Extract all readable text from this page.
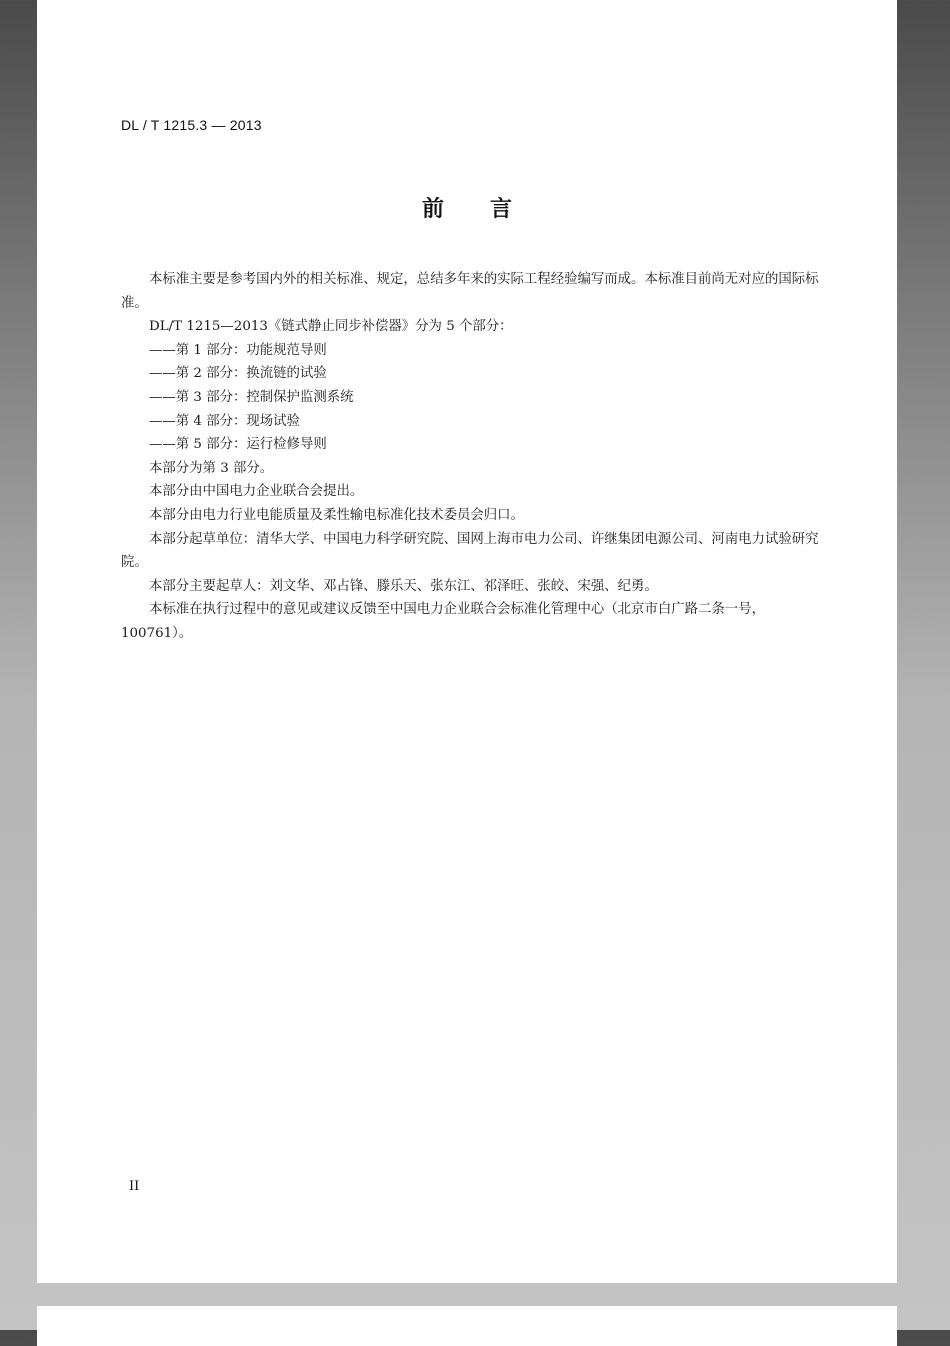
DL / T 1215.3 — 2013
前言

本标准主要是参考国内外的相关标准、规定，总结多年来的实际工程经验编写而成。本标准目前尚无对应的国际标准。

DL/T 1215—2013《链式静止同步补偿器》分为 5 个部分：

——第 1 部分：功能规范导则

——第 2 部分：换流链的试验

——第 3 部分：控制保护监测系统

——第 4 部分：现场试验

——第 5 部分：运行检修导则

本部分为第 3 部分。

本部分由中国电力企业联合会提出。

本部分由电力行业电能质量及柔性输电标准化技术委员会归口。

本部分起草单位：清华大学、中国电力科学研究院、国网上海市电力公司、许继集团电源公司、河南电力试验研究院。

本部分主要起草人：刘文华、邓占锋、滕乐天、张东江、祁泽旺、张皎、宋强、纪勇。

本标准在执行过程中的意见或建议反馈至中国电力企业联合会标准化管理中心（北京市白广路二条一号，100761）。

II
